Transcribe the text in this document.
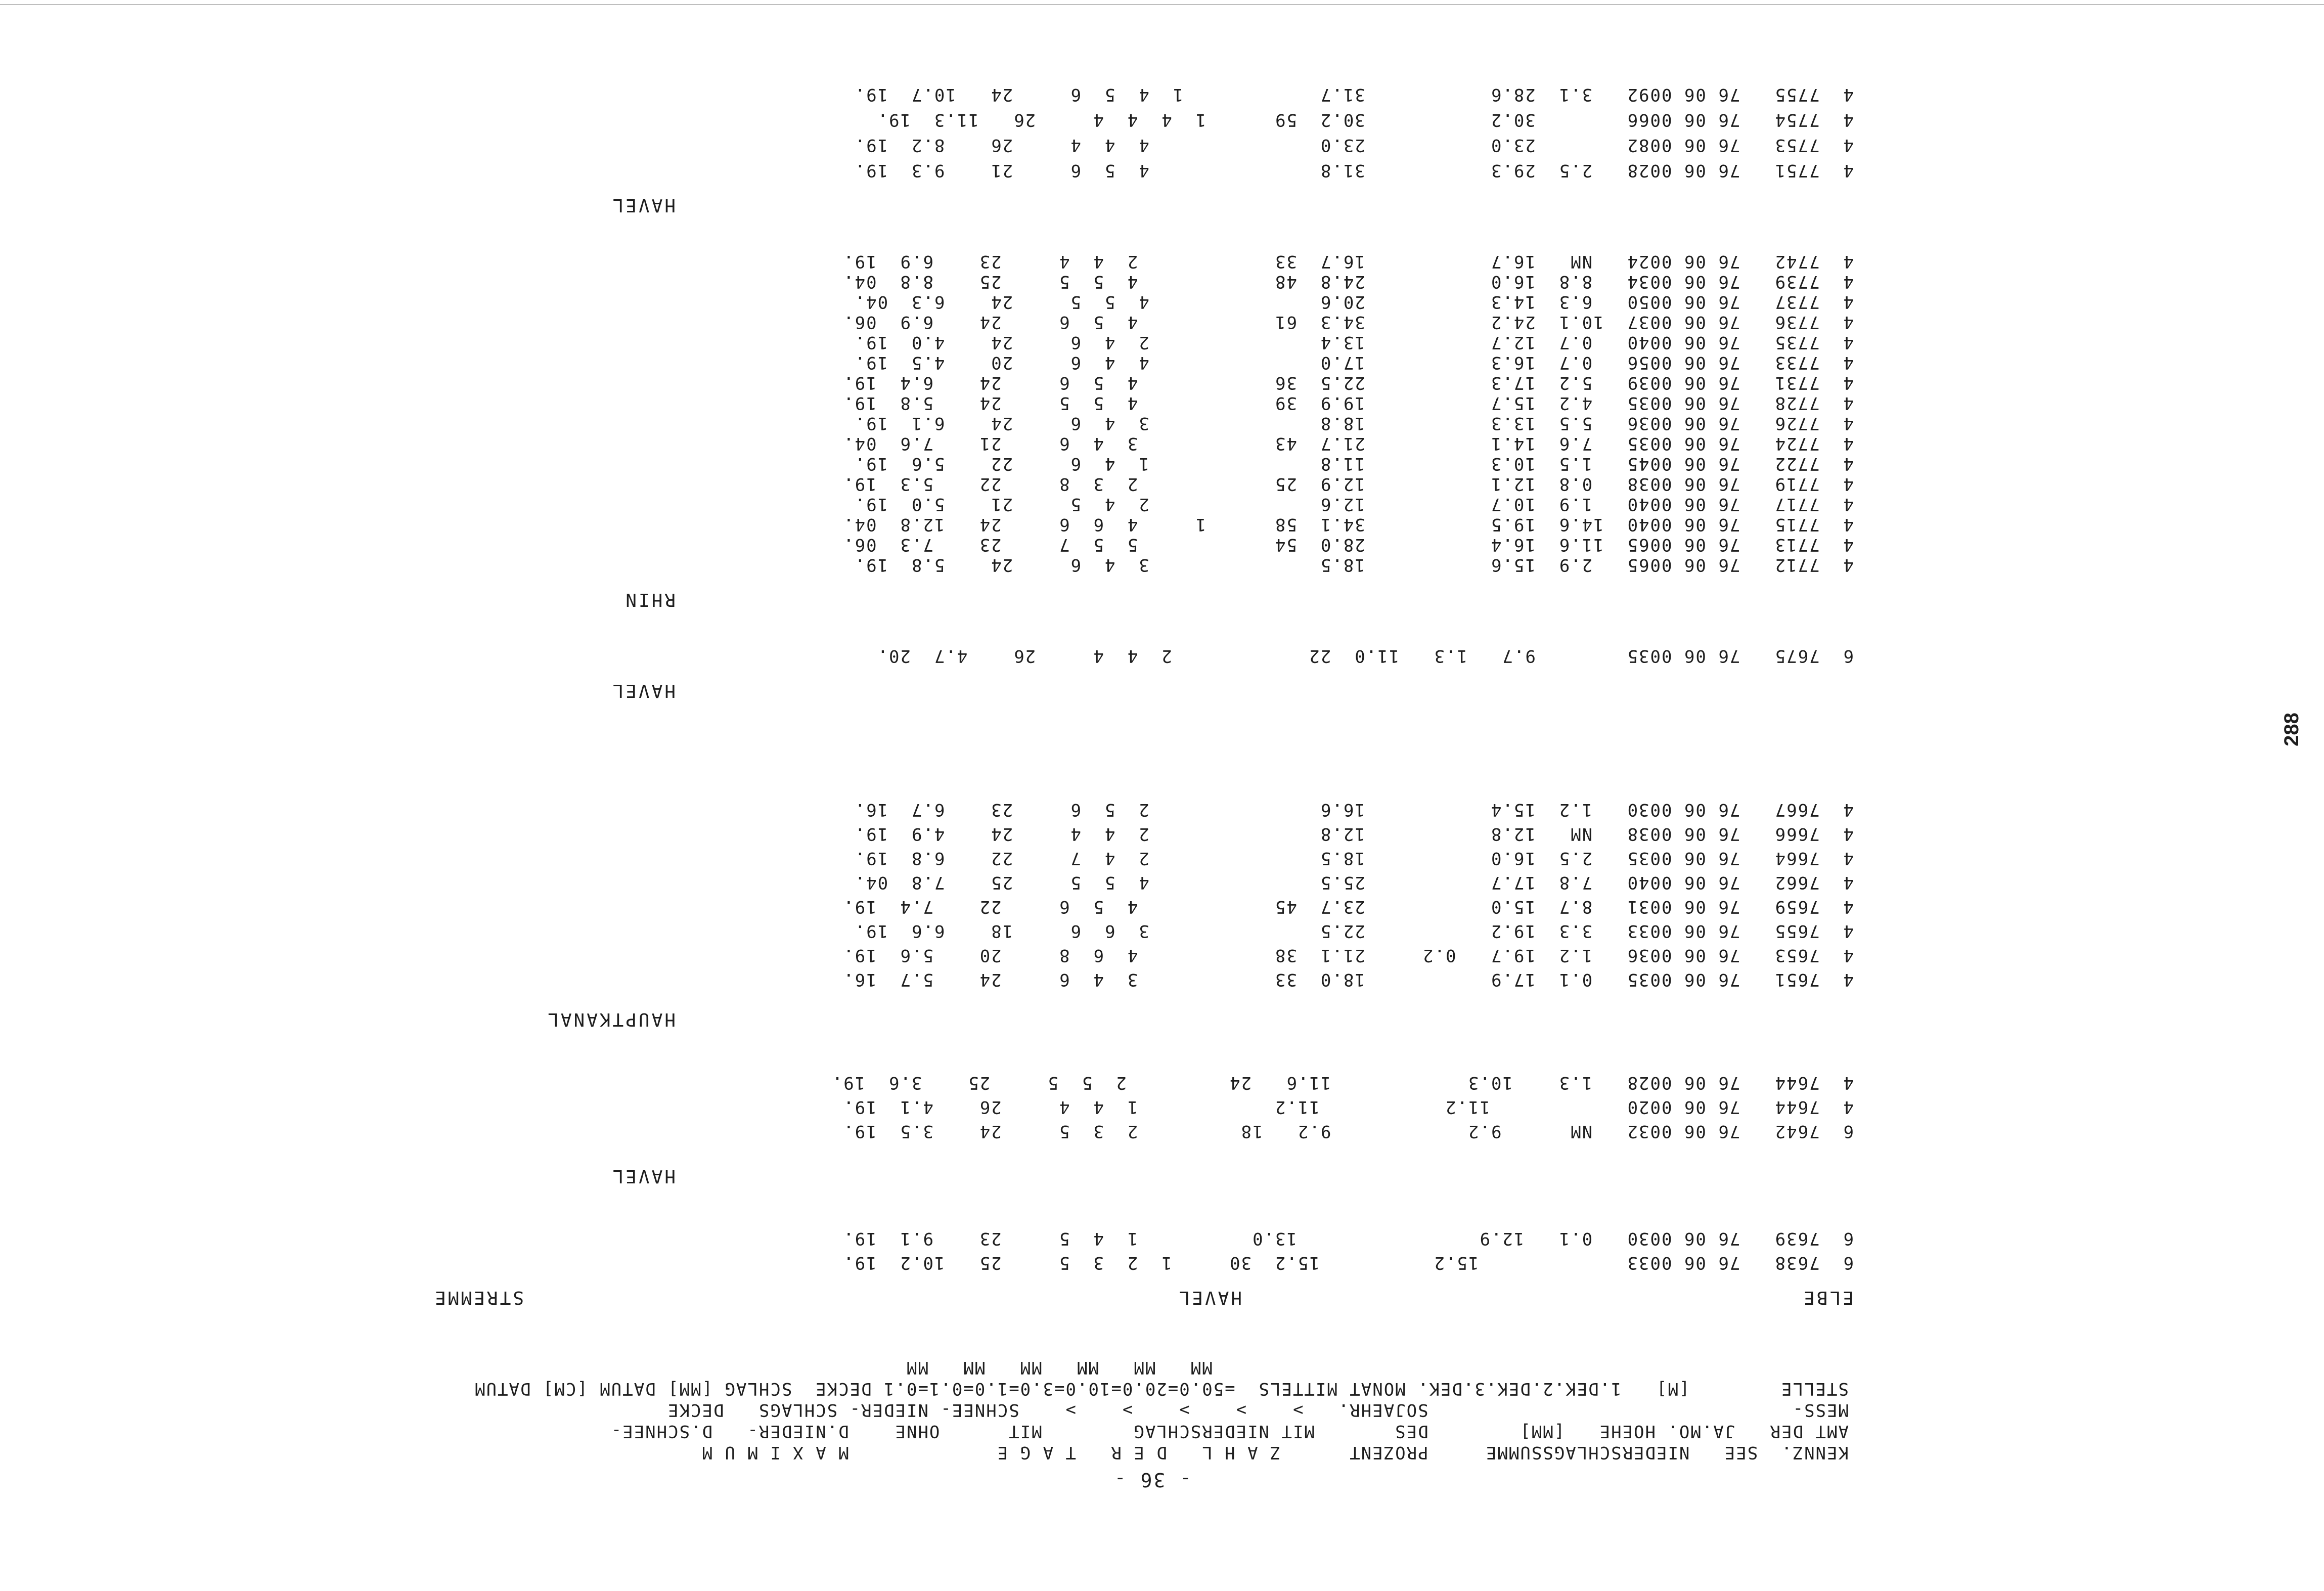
- 36 -
KENNZ.  SEE   NIEDERSCHLAGSSUMME     PROZENT      Z A H L   D E R   T A G E             M A X I M U M
AMT DER   JA.MO. HOEHE   [MM]        DES       MIT NIEDERSCHLAG        MIT      OHNE    D.NIEDER-   D.SCHNEE-
MESS-                                SOJAEHR.   >    >    >    >    >    SCHNEE- NIEDER- SCHLAGS   DECKE
STELLE        [M]   1.DEK.2.DEK.3.DEK. MONAT MITTELS  =50.0=20.0=10.0=3.0=1.0=0.1=0.1 DECKE  SCHLAG [MM] DATUM [CM] DATUM
MM   MM   MM   MM   MM   MM
ELBE
HAVEL
STREMME
6  7638   76 06 0033             15.2          15.2  30     1  2  3  5     25   10.2  19.
6  7639   76 06 0030   0.1   12.9                13.0          1  4  5     23    9.1  19.
HAVEL
6  7642   76 06 0032   NM      9.2            9.2   18         2  3  5     24    3.5  19.
4  7644   76 06 0020            11.2           11.2            1  4  4     26    4.1  19.
4  7644   76 06 0028   1.3    10.3            11.6   24         2  5  5     25    3.6  19.
HAUPTKANAL
4  7651   76 06 0035   0.1  17.9           18.0  33            3  4  6     24    5.7  16.
4  7653   76 06 0036   1.2  19.7   0.2     21.1  38            4  6  8     20    5.6  19.
4  7655   76 06 0033   3.3  19.2           22.5               3  6  6     18    6.6  19.
4  7659   76 06 0031   8.7  15.0           23.7  45            4  5  6     22    7.4  19.
4  7662   76 06 0040   7.8  17.7           25.5               4  5  5     25    7.8  04.
4  7664   76 06 0035   2.5  16.0           18.5               2  4  7     22    6.8  19.
4  7666   76 06 0038   NM   12.8           12.8               2  4  4     24    4.9  19.
4  7667   76 06 0030   1.2  15.4           16.6               2  5  6     23    6.7  16.
HAVEL
6  7675   76 06 0035        9.7   1.3   11.0  22            2  4  4     26    4.7  20.
RHIN
4  7712   76 06 0065   2.9  15.6           18.5               3  4  6     24    5.8  19.
4  7713   76 06 0065  11.6  16.4           28.0  54            5  5  7     23    7.3  06.
4  7715   76 06 0040  14.6  19.5           34.1  58      1     4  6  6     24   12.8  04.
4  7717   76 06 0040   1.9  10.7           12.6               2  4  5     21    5.0  19.
4  7719   76 06 0038   0.8  12.1           12.9  25            2  3  8     22    5.3  19.
4  7722   76 06 0045   1.5  10.3           11.8               1  4  6     22    5.6  19.
4  7724   76 06 0035   7.6  14.1           21.7  43            3  4  6     21    7.6  04.
4  7726   76 06 0036   5.5  13.3           18.8               3  4  6     24    6.1  19.
4  7728   76 06 0035   4.2  15.7           19.9  39            4  5  5     24    5.8  19.
4  7731   76 06 0039   5.2  17.3           22.5  36            4  5  6     24    6.4  19.
4  7733   76 06 0056   0.7  16.3           17.0               4  4  6     20    4.5  19.
4  7735   76 06 0040   0.7  12.7           13.4               2  4  6     24    4.0  19.
4  7736   76 06 0037  10.1  24.2           34.3  61            4  5  6     24    6.9  06.
4  7737   76 06 0050   6.3  14.3           20.6               4  5  5     24    6.3  04.
4  7739   76 06 0034   8.8  16.0           24.8  48            4  5  5     25    8.8  04.
4  7742   76 06 0024   NM   16.7           16.7  33            2  4  4     23    6.9  19.
HAVEL
4  7751   76 06 0028   2.5  29.3           31.8               4  5  6     21    9.3  19.
4  7753   76 06 0082        23.0           23.0               4  4  4     26    8.2  19.
4  7754   76 06 0066        30.2           30.2  59      1  4  4  4     26   11.3  19.
4  7755   76 06 0092   3.1  28.6           31.7            1  4  5  6     24   10.7  19.
288
